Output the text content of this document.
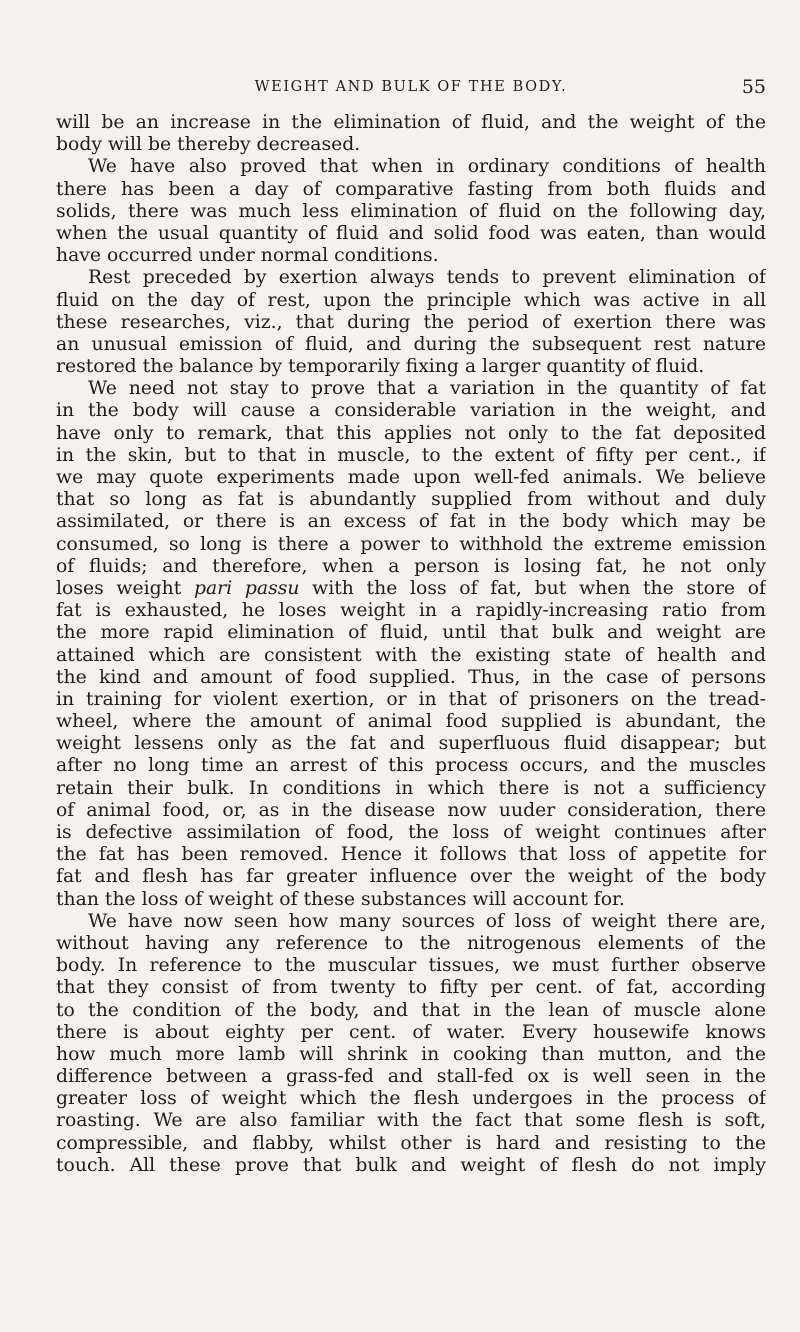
WEIGHT AND BULK OF THE BODY.	55
will be an increase in the elimination of fluid, and the weight of the
body will be thereby decreased.
We have also proved that when in ordinary conditions of health
there has been a day of comparative fasting from both fluids and
solids, there was much less elimination of fluid on the following day,
when the usual quantity of fluid and solid food was eaten, than would
have occurred under normal conditions.
Rest preceded by exertion always tends to prevent elimination of
fluid on the day of rest, upon the principle which was active in all
these researches, viz., that during the period of exertion there was
an unusual emission of fluid, and during the subsequent rest nature
restored the balance by temporarily fixing a larger quantity of fluid.
We need not stay to prove that a variation in the quantity of fat
in the body will cause a considerable variation in the weight, and
have only to remark, that this applies not only to the fat deposited
in the skin, but to that in muscle, to the extent of fifty per cent., if
we may quote experiments made upon well-fed animals. We believe
that so long as fat is abundantly supplied from without and duly
assimilated, or there is an excess of fat in the body which may be
consumed, so long is there a power to withhold the extreme emission
of fluids; and therefore, when a person is losing fat, he not only
loses weight pari passu with the loss of fat, but when the store of
fat is exhausted, he loses weight in a rapidly-increasing ratio from
the more rapid elimination of fluid, until that bulk and weight are
attained which are consistent with the existing state of health and
the kind and amount of food supplied. Thus, in the case of persons
in training for violent exertion, or in that of prisoners on the tread-
wheel, where the amount of animal food supplied is abundant, the
weight lessens only as the fat and superfluous fluid disappear; but
after no long time an arrest of this process occurs, and the muscles
retain their bulk. In conditions in which there is not a sufficiency
of animal food, or, as in the disease now uuder consideration, there
is defective assimilation of food, the loss of weight continues after
the fat has been removed. Hence it follows that loss of appetite for
fat and flesh has far greater influence over the weight of the body
than the loss of weight of these substances will account for.
We have now seen how many sources of loss of weight there are,
without having any reference to the nitrogenous elements of the
body. In reference to the muscular tissues, we must further observe
that they consist of from twenty to fifty per cent. of fat, according
to the condition of the body, and that in the lean of muscle alone
there is about eighty per cent. of water. Every housewife knows
how much more lamb will shrink in cooking than mutton, and the
difference between a grass-fed and stall-fed ox is well seen in the
greater loss of weight which the flesh undergoes in the process of
roasting. We are also familiar with the fact that some flesh is soft,
compressible, and flabby, whilst other is hard and resisting to the
touch. All these prove that bulk and weight of flesh do not imply
